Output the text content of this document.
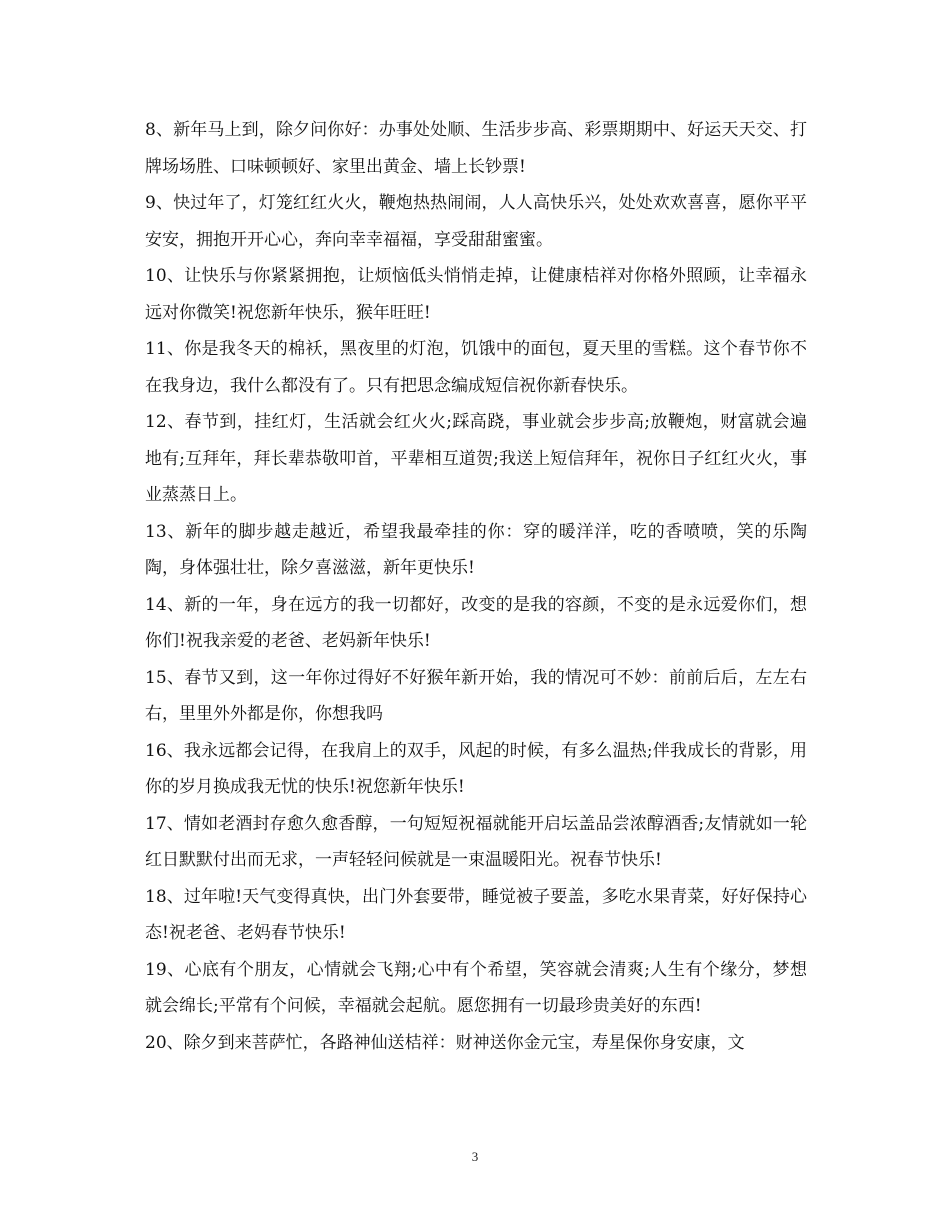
8、新年马上到，除夕问你好：办事处处顺、生活步步高、彩票期期中、好运天天交、打牌场场胜、口味顿顿好、家里出黄金、墙上长钞票!

9、快过年了，灯笼红红火火，鞭炮热热闹闹，人人高快乐兴，处处欢欢喜喜，愿你平平安安，拥抱开开心心，奔向幸幸福福，享受甜甜蜜蜜。

10、让快乐与你紧紧拥抱，让烦恼低头悄悄走掉，让健康桔祥对你格外照顾，让幸福永远对你微笑!祝您新年快乐，猴年旺旺!

11、你是我冬天的棉袄，黑夜里的灯泡，饥饿中的面包，夏天里的雪糕。这个春节你不在我身边，我什么都没有了。只有把思念编成短信祝你新春快乐。

12、春节到，挂红灯，生活就会红火火;踩高跷，事业就会步步高;放鞭炮，财富就会遍地有;互拜年，拜长辈恭敬叩首，平辈相互道贺;我送上短信拜年，祝你日子红红火火，事业蒸蒸日上。

13、新年的脚步越走越近，希望我最牵挂的你：穿的暖洋洋，吃的香喷喷，笑的乐陶陶，身体强壮壮，除夕喜滋滋，新年更快乐!

14、新的一年，身在远方的我一切都好，改变的是我的容颜，不变的是永远爱你们，想你们!祝我亲爱的老爸、老妈新年快乐!

15、春节又到，这一年你过得好不好猴年新开始，我的情况可不妙：前前后后，左左右右，里里外外都是你，你想我吗

16、我永远都会记得，在我肩上的双手，风起的时候，有多么温热;伴我成长的背影，用你的岁月换成我无忧的快乐!祝您新年快乐!

17、情如老酒封存愈久愈香醇，一句短短祝福就能开启坛盖品尝浓醇酒香;友情就如一轮红日默默付出而无求，一声轻轻问候就是一束温暖阳光。祝春节快乐!

18、过年啦!天气变得真快，出门外套要带，睡觉被子要盖，多吃水果青菜，好好保持心态!祝老爸、老妈春节快乐!

19、心底有个朋友，心情就会飞翔;心中有个希望，笑容就会清爽;人生有个缘分，梦想就会绵长;平常有个问候，幸福就会起航。愿您拥有一切最珍贵美好的东西!

20、除夕到来菩萨忙，各路神仙送桔祥：财神送你金元宝，寿星保你身安康，文

3
